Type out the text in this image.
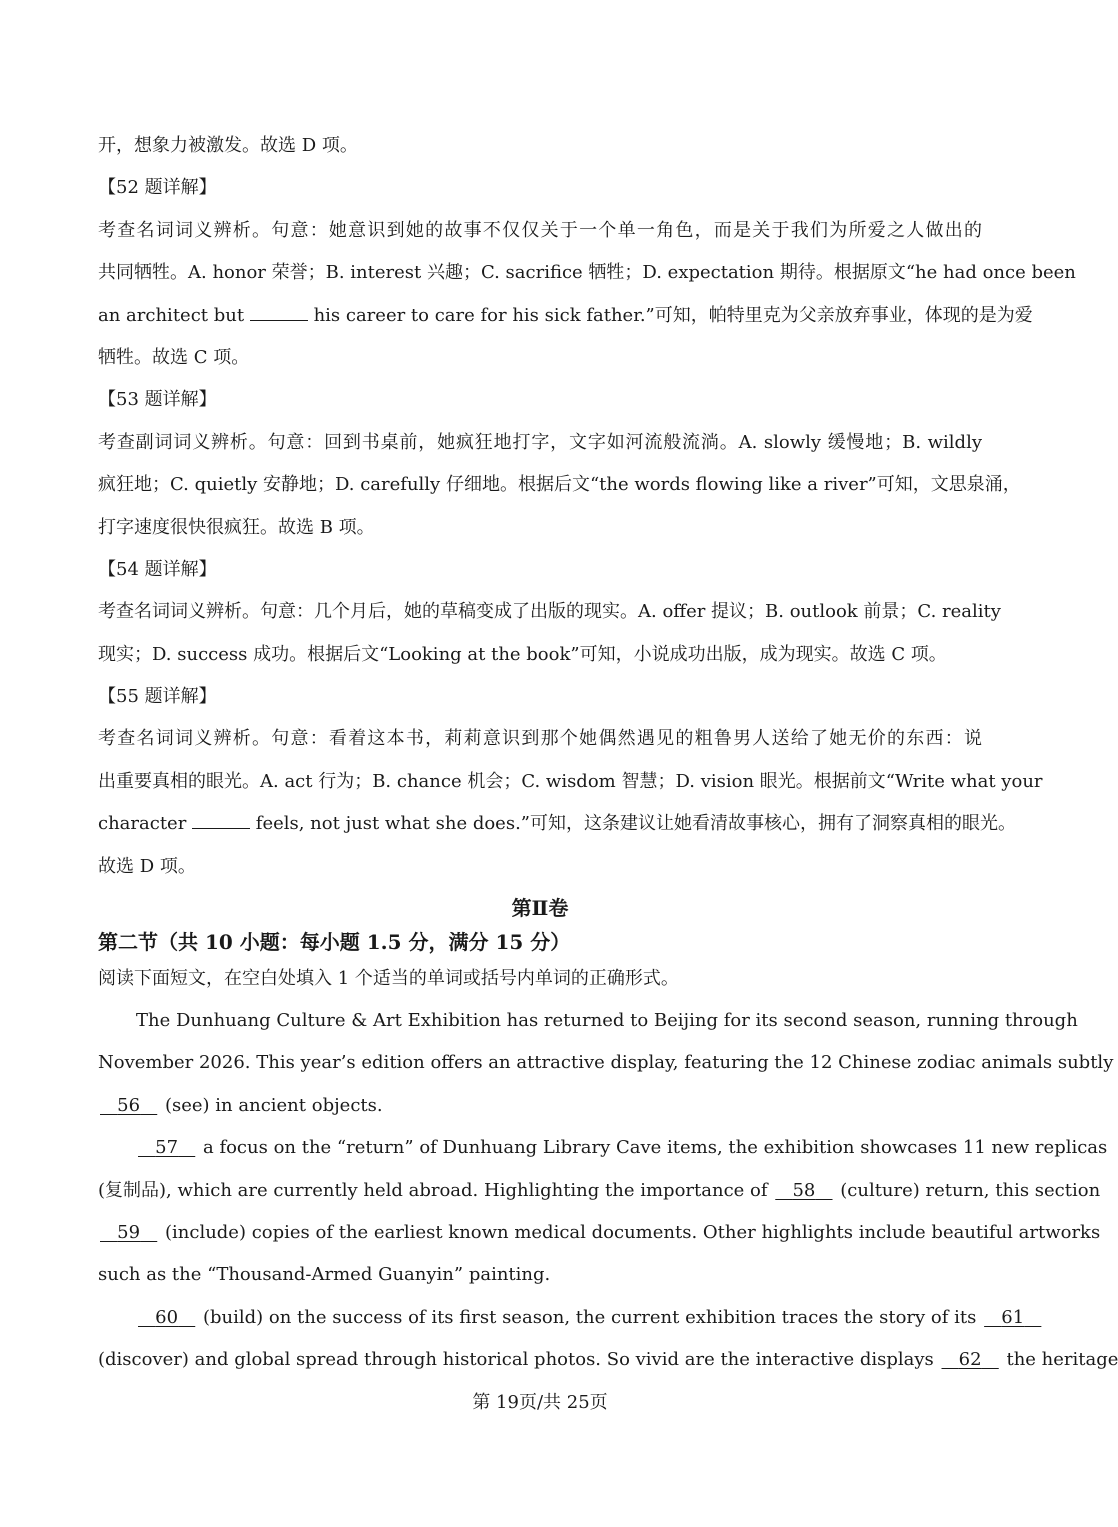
开，想象力被激发。故选 D 项。
【52 题详解】
考查名词词义辨析。句意：她意识到她的故事不仅仅关于一个单一角色，而是关于我们为所爱之人做出的
共同牺牲。A. honor 荣誉；B. interest 兴趣；C. sacrifice 牺牲；D. expectation 期待。根据原文“he had once been
an architect but	his career to care for his sick father.”可知，帕特里克为父亲放弃事业，体现的是为爱
牺牲。故选 C 项。
【53 题详解】
考查副词词义辨析。句意：回到书桌前，她疯狂地打字，文字如河流般流淌。A. slowly 缓慢地；B. wildly
疯狂地；C. quietly 安静地；D. carefully 仔细地。根据后文“the words flowing like a river”可知，文思泉涌，
打字速度很快很疯狂。故选 B 项。
【54 题详解】
考查名词词义辨析。句意：几个月后，她的草稿变成了出版的现实。A. offer 提议；B. outlook 前景；C. reality
现实；D. success 成功。根据后文“Looking at the book”可知，小说成功出版，成为现实。故选 C 项。
【55 题详解】
考查名词词义辨析。句意：看着这本书，莉莉意识到那个她偶然遇见的粗鲁男人送给了她无价的东西：说
出重要真相的眼光。A. act 行为；B. chance 机会；C. wisdom 智慧；D. vision 眼光。根据前文“Write what your
character	feels, not just what she does.”可知，这条建议让她看清故事核心，拥有了洞察真相的眼光。
故选 D 项。
第Ⅱ卷
第二节（共 10 小题：每小题 1.5 分，满分 15 分）
阅读下面短文，在空白处填入 1 个适当的单词或括号内单词的正确形式。
The Dunhuang Culture & Art Exhibition has returned to Beijing for its second season, running through
November 2026. This year’s edition offers an attractive display, featuring the 12 Chinese zodiac animals subtly
56 (see) in ancient objects.
57 a focus on the “return” of Dunhuang Library Cave items, the exhibition showcases 11 new replicas
(复制品), which are currently held abroad. Highlighting the importance of 58 (culture) return, this section
59 (include) copies of the earliest known medical documents. Other highlights include beautiful artworks
such as the “Thousand-Armed Guanyin” painting.
60 (build) on the success of its first season, the current exhibition traces the story of its 61
(discover) and global spread through historical photos. So vivid are the interactive displays 62 the heritage
第 19页/共 25页
